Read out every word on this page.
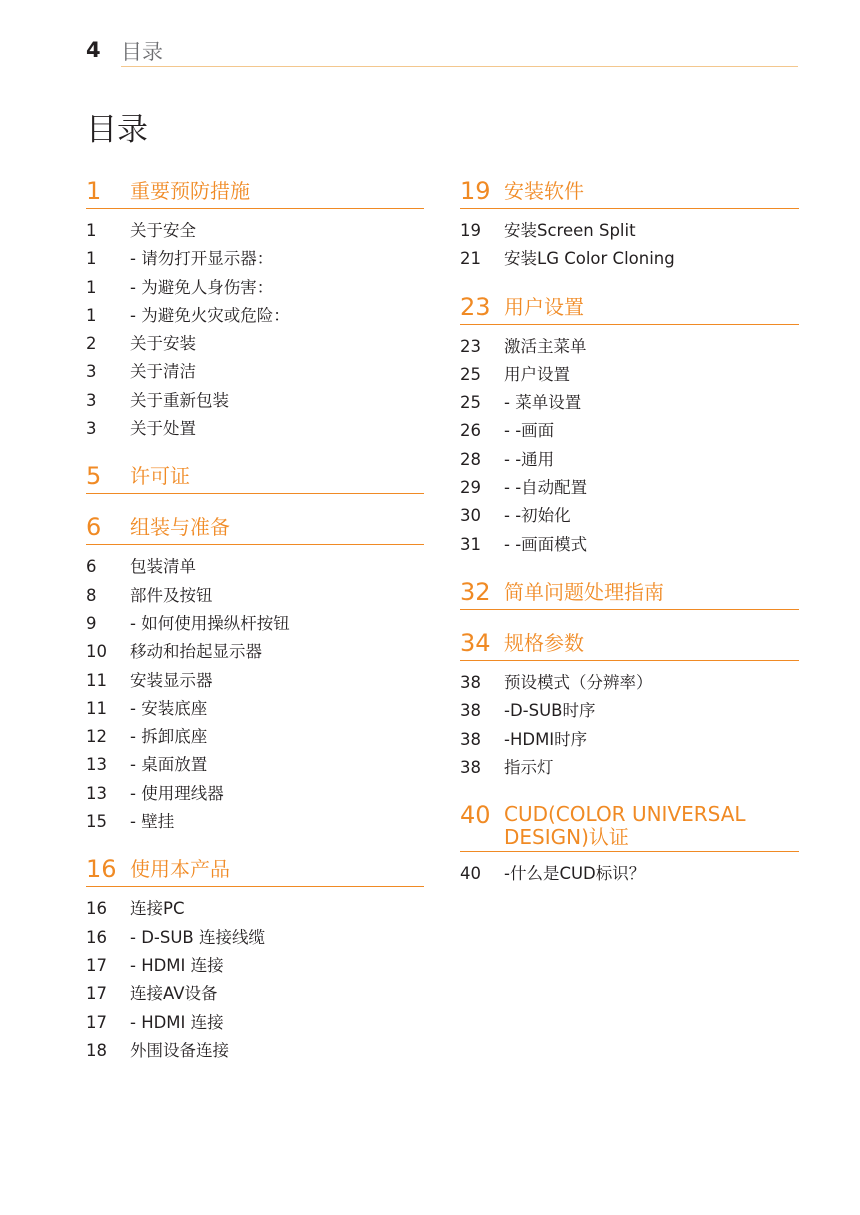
4 目录
目录
1 重要预防措施
1 关于安全
1 - 请勿打开显示器：
1 - 为避免人身伤害：
1 - 为避免火灾或危险：
2 关于安装
3 关于清洁
3 关于重新包装
3 关于处置
5 许可证
6 组装与准备
6 包装清单
8 部件及按钮
9 - 如何使用操纵杆按钮
10 移动和抬起显示器
11 安装显示器
11 - 安装底座
12 - 拆卸底座
13 - 桌面放置
13 - 使用理线器
15 - 壁挂
16 使用本产品
16 连接PC
16 - D-SUB 连接线缆
17 - HDMI 连接
17 连接AV设备
17 - HDMI 连接
18 外围设备连接
19 安装软件
19 安装Screen Split
21 安装LG Color Cloning
23 用户设置
23 激活主菜单
25 用户设置
25 - 菜单设置
26 - -画面
28 - -通用
29 - -自动配置
30 - -初始化
31 - -画面模式
32 简单问题处理指南
34 规格参数
38 预设模式（分辨率）
38 -D-SUB时序
38 -HDMI时序
38 指示灯
40 CUD(COLOR UNIVERSAL DESIGN)认证
40 -什么是CUD标识？
